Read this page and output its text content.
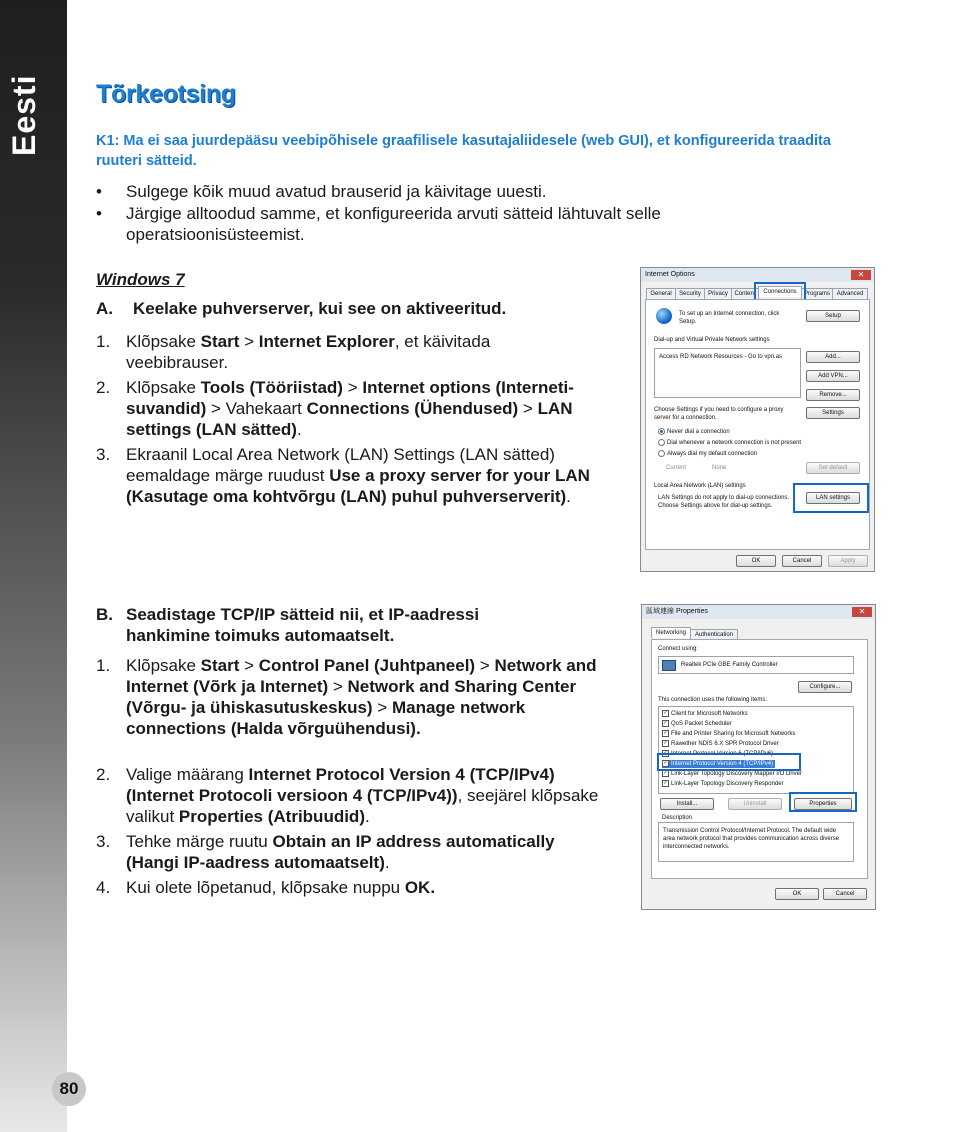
Eesti
80
Tõrkeotsing
K1: Ma ei saa juurdepääsu veebipõhisele graafilisele kasutajaliidesele (web GUI), et konfigureerida traadita ruuteri sätteid.
• Sulgege kõik muud avatud brauserid ja käivitage uuesti.
• Järgige alltoodud samme, et konfigureerida arvuti sätteid lähtuvalt selle operatsioonisüsteemist.
Windows 7
A. Keelake puhverserver, kui see on aktiveeritud.
1. Klõpsake Start > Internet Explorer, et käivitada veebibrauser.
2. Klõpsake Tools (Tööriistad) > Internet options (Interneti-suvandid) > Vahekaart Connections (Ühendused) > LAN settings (LAN sätted).
3. Ekraanil Local Area Network (LAN) Settings (LAN sätted) eemaldage märge ruudust Use a proxy server for your LAN (Kasutage oma kohtvõrgu (LAN) puhul puhverserverit).
B. Seadistage TCP/IP sätteid nii, et IP-aadressi hankimine toimuks automaatselt.
1. Klõpsake Start > Control Panel (Juhtpaneel) > Network and Internet (Võrk ja Internet) > Network and Sharing Center (Võrgu- ja ühiskasutuskeskus) > Manage network connections (Halda võrguühendusi).
2. Valige määrang Internet Protocol Version 4 (TCP/IPv4) (Internet Protocoli versioon 4 (TCP/IPv4)), seejärel klõpsake valikut Properties (Atribuudid).
3. Tehke märge ruutu Obtain an IP address automatically (Hangi IP-aadress automaatselt).
4. Kui olete lõpetanud, klõpsake nuppu OK.
Internet Options	✕
General	Security	Privacy	Content	Connections	Programs	Advanced
To set up an Internet connection, click Setup.
Setup
Dial-up and Virtual Private Network settings
Access RD Network Resources - Go to vpn.as	Add...
Add VPN...
Remove...
Choose Settings if you need to configure a proxy server for a connection.
Settings
Never dial a connection
Dial whenever a network connection is not present
Always dial my default connection
Current	None	Set default
Local Area Network (LAN) settings
LAN Settings do not apply to dial-up connections. Choose Settings above for dial-up settings.
LAN settings
OK	Cancel	Apply
區域連線 Properties	✕
Networking	Authentication
Connect using:
Realtek PCIe GBE Family Controller
Configure...
This connection uses the following items:
✓ Client for Microsoft Networks
✓ QoS Packet Scheduler
✓ File and Printer Sharing for Microsoft Networks
✓ Rawether NDIS 6.X SPR Protocol Driver
✓ Internet Protocol Version 6 (TCP/IPv6)
✓ Internet Protocol Version 4 (TCP/IPv4)
✓ Link-Layer Topology Discovery Mapper I/O Driver
✓ Link-Layer Topology Discovery Responder
Install...	Uninstall	Properties
Description
Transmission Control Protocol/Internet Protocol. The default wide area network protocol that provides communication across diverse interconnected networks.
OK	Cancel
